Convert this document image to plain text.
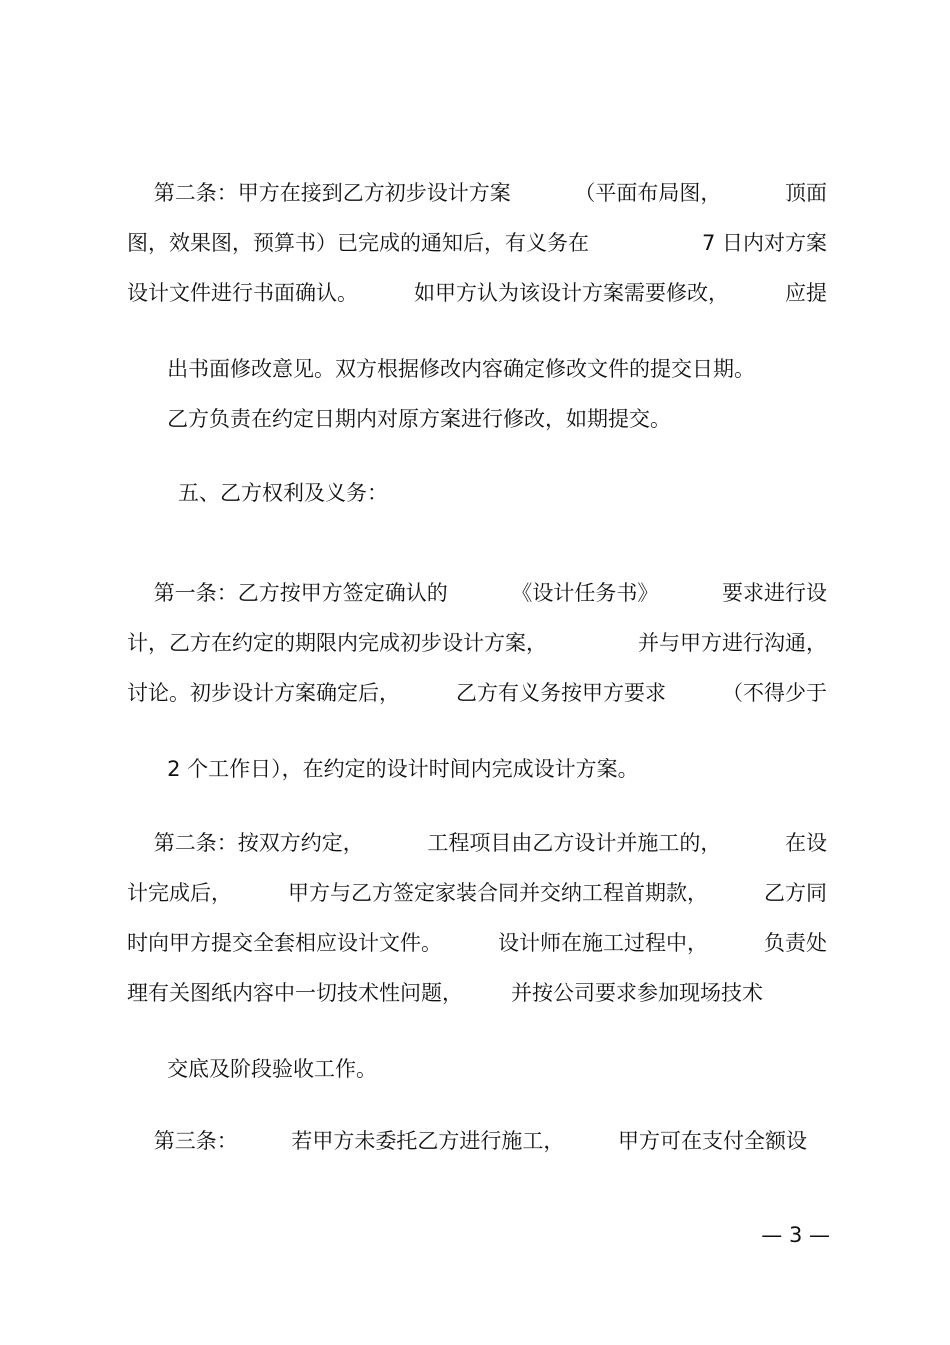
第二条：甲方在接到乙方初步设计方案	（平面布局图，	顶面
图，效果图，预算书）已完成的通知后，有义务在	7 日内对方案
设计文件进行书面确认。	如甲方认为该设计方案需要修改，	应提

出书面修改意见。双方根据修改内容确定修改文件的提交日期。

乙方负责在约定日期内对原方案进行修改，如期提交。

五、乙方权利及义务：
第一条：乙方按甲方签定确认的	《设计任务书》	要求进行设
计，乙方在约定的期限内完成初步设计方案，	并与甲方进行沟通，
讨论。初步设计方案确定后，	乙方有义务按甲方要求	（不得少于

2 个工作日），在约定的设计时间内完成设计方案。

第二条：按双方约定，	工程项目由乙方设计并施工的，	在设
计完成后，	甲方与乙方签定家装合同并交纳工程首期款，	乙方同
时向甲方提交全套相应设计文件。	设计师在施工过程中，	负责处
理有关图纸内容中一切技术性问题， 并按公司要求参加现场技术

交底及阶段验收工作。

第三条：	若甲方未委托乙方进行施工，	甲方可在支付全额设
— 3 —
